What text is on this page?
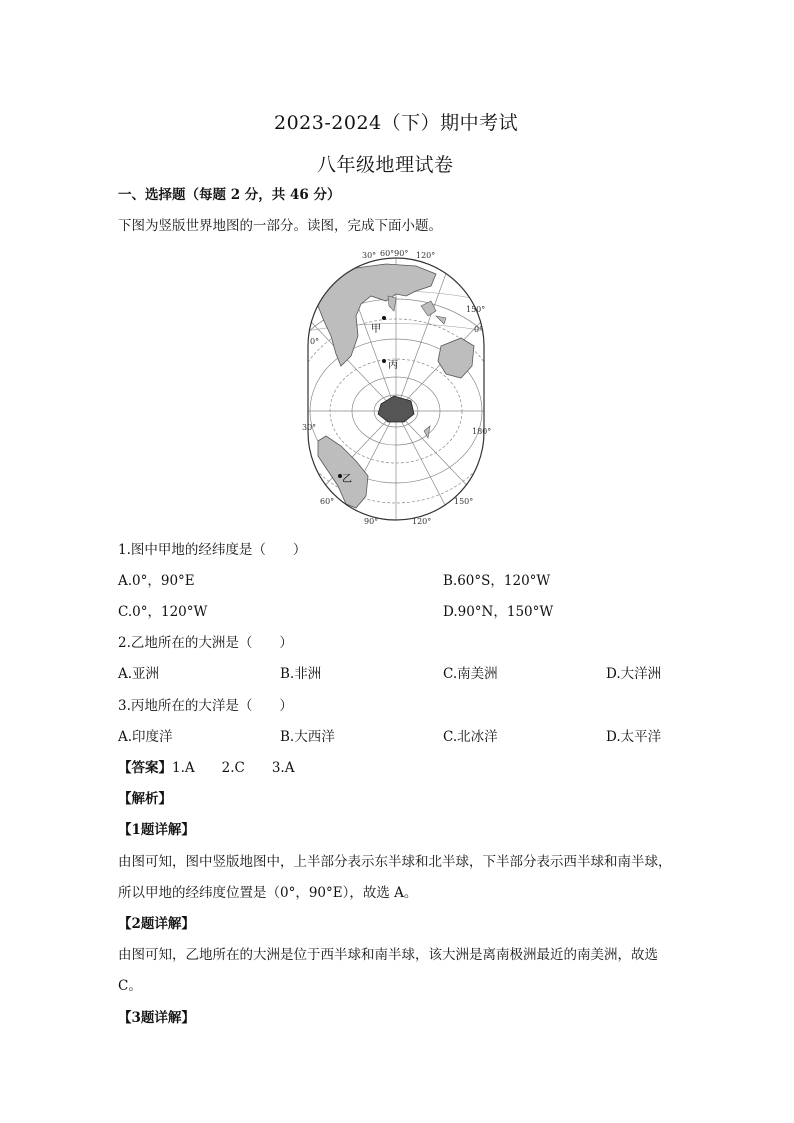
2023-2024（下）期中考试
八年级地理试卷
一、选择题（每题 2 分，共 46 分）
下图为竖版世界地图的一部分。读图，完成下面小题。
30° 60°90° 120°
150°
0°
0°
30°	180°
60°	150°
90°	120°
甲
丙
乙
1.图中甲地的经纬度是（　　）
A.0°，90°E	B.60°S，120°W
C.0°，120°W	D.90°N，150°W
2.乙地所在的大洲是（　　）
A.亚洲	B.非洲	C.南美洲	D.大洋洲
3.丙地所在的大洋是（　　）
A.印度洋	B.大西洋	C.北冰洋	D.太平洋
【答案】1.A　　2.C　　3.A
【解析】
【1题详解】
由图可知，图中竖版地图中，上半部分表示东半球和北半球，下半部分表示西半球和南半球，
所以甲地的经纬度位置是（0°，90°E），故选 A。
【2题详解】
由图可知，乙地所在的大洲是位于西半球和南半球，该大洲是离南极洲最近的南美洲，故选
C。
【3题详解】
